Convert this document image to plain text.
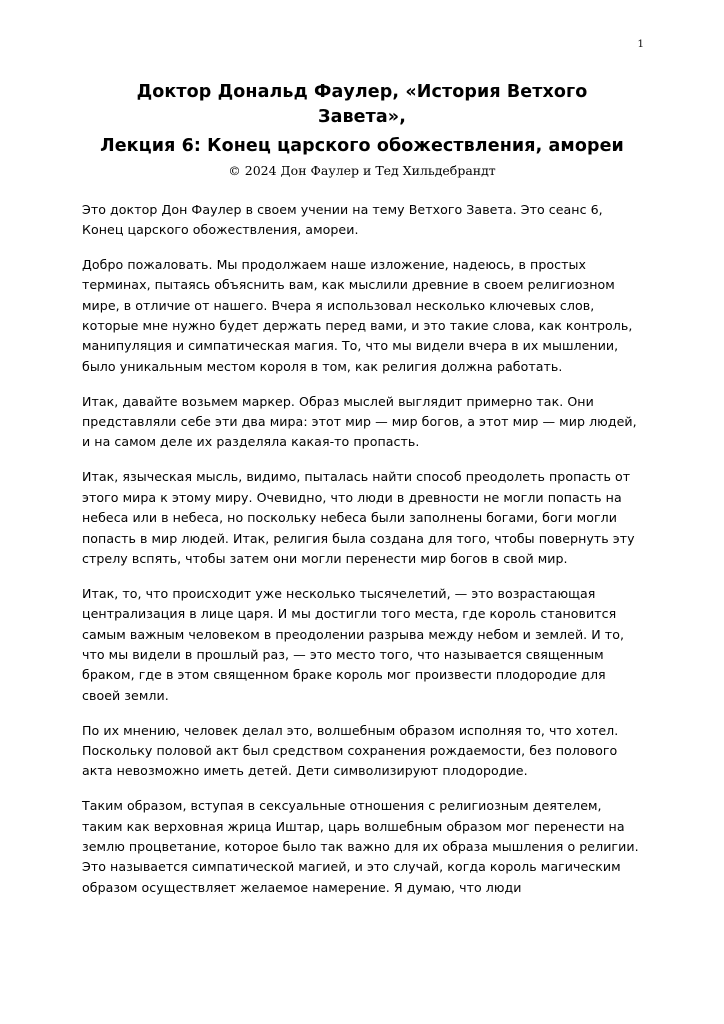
1
Доктор Дональд Фаулер, «История Ветхого Завета»,
Лекция 6: Конец царского обожествления, амореи
© 2024 Дон Фаулер и Тед Хильдебрандт

Это доктор Дон Фаулер в своем учении на тему Ветхого Завета. Это сеанс 6, Конец царского обожествления, амореи.

Добро пожаловать. Мы продолжаем наше изложение, надеюсь, в простых терминах, пытаясь объяснить вам, как мыслили древние в своем религиозном мире, в отличие от нашего. Вчера я использовал несколько ключевых слов, которые мне нужно будет держать перед вами, и это такие слова, как контроль, манипуляция и симпатическая магия. То, что мы видели вчера в их мышлении, было уникальным местом короля в том, как религия должна работать.

Итак, давайте возьмем маркер. Образ мыслей выглядит примерно так. Они представляли себе эти два мира: этот мир — мир богов, а этот мир — мир людей, и на самом деле их разделяла какая-то пропасть.

Итак, языческая мысль, видимо, пыталась найти способ преодолеть пропасть от этого мира к этому миру. Очевидно, что люди в древности не могли попасть на небеса или в небеса, но поскольку небеса были заполнены богами, боги могли попасть в мир людей. Итак, религия была создана для того, чтобы повернуть эту стрелу вспять, чтобы затем они могли перенести мир богов в свой мир.

Итак, то, что происходит уже несколько тысячелетий, — это возрастающая централизация в лице царя. И мы достигли того места, где король становится самым важным человеком в преодолении разрыва между небом и землей. И то, что мы видели в прошлый раз, — это место того, что называется священным браком, где в этом священном браке король мог произвести плодородие для своей земли.

По их мнению, человек делал это, волшебным образом исполняя то, что хотел. Поскольку половой акт был средством сохранения рождаемости, без полового акта невозможно иметь детей. Дети символизируют плодородие.

Таким образом, вступая в сексуальные отношения с религиозным деятелем, таким как верховная жрица Иштар, царь волшебным образом мог перенести на землю процветание, которое было так важно для их образа мышления о религии. Это называется симпатической магией, и это случай, когда король магическим образом осуществляет желаемое намерение. Я думаю, что люди
